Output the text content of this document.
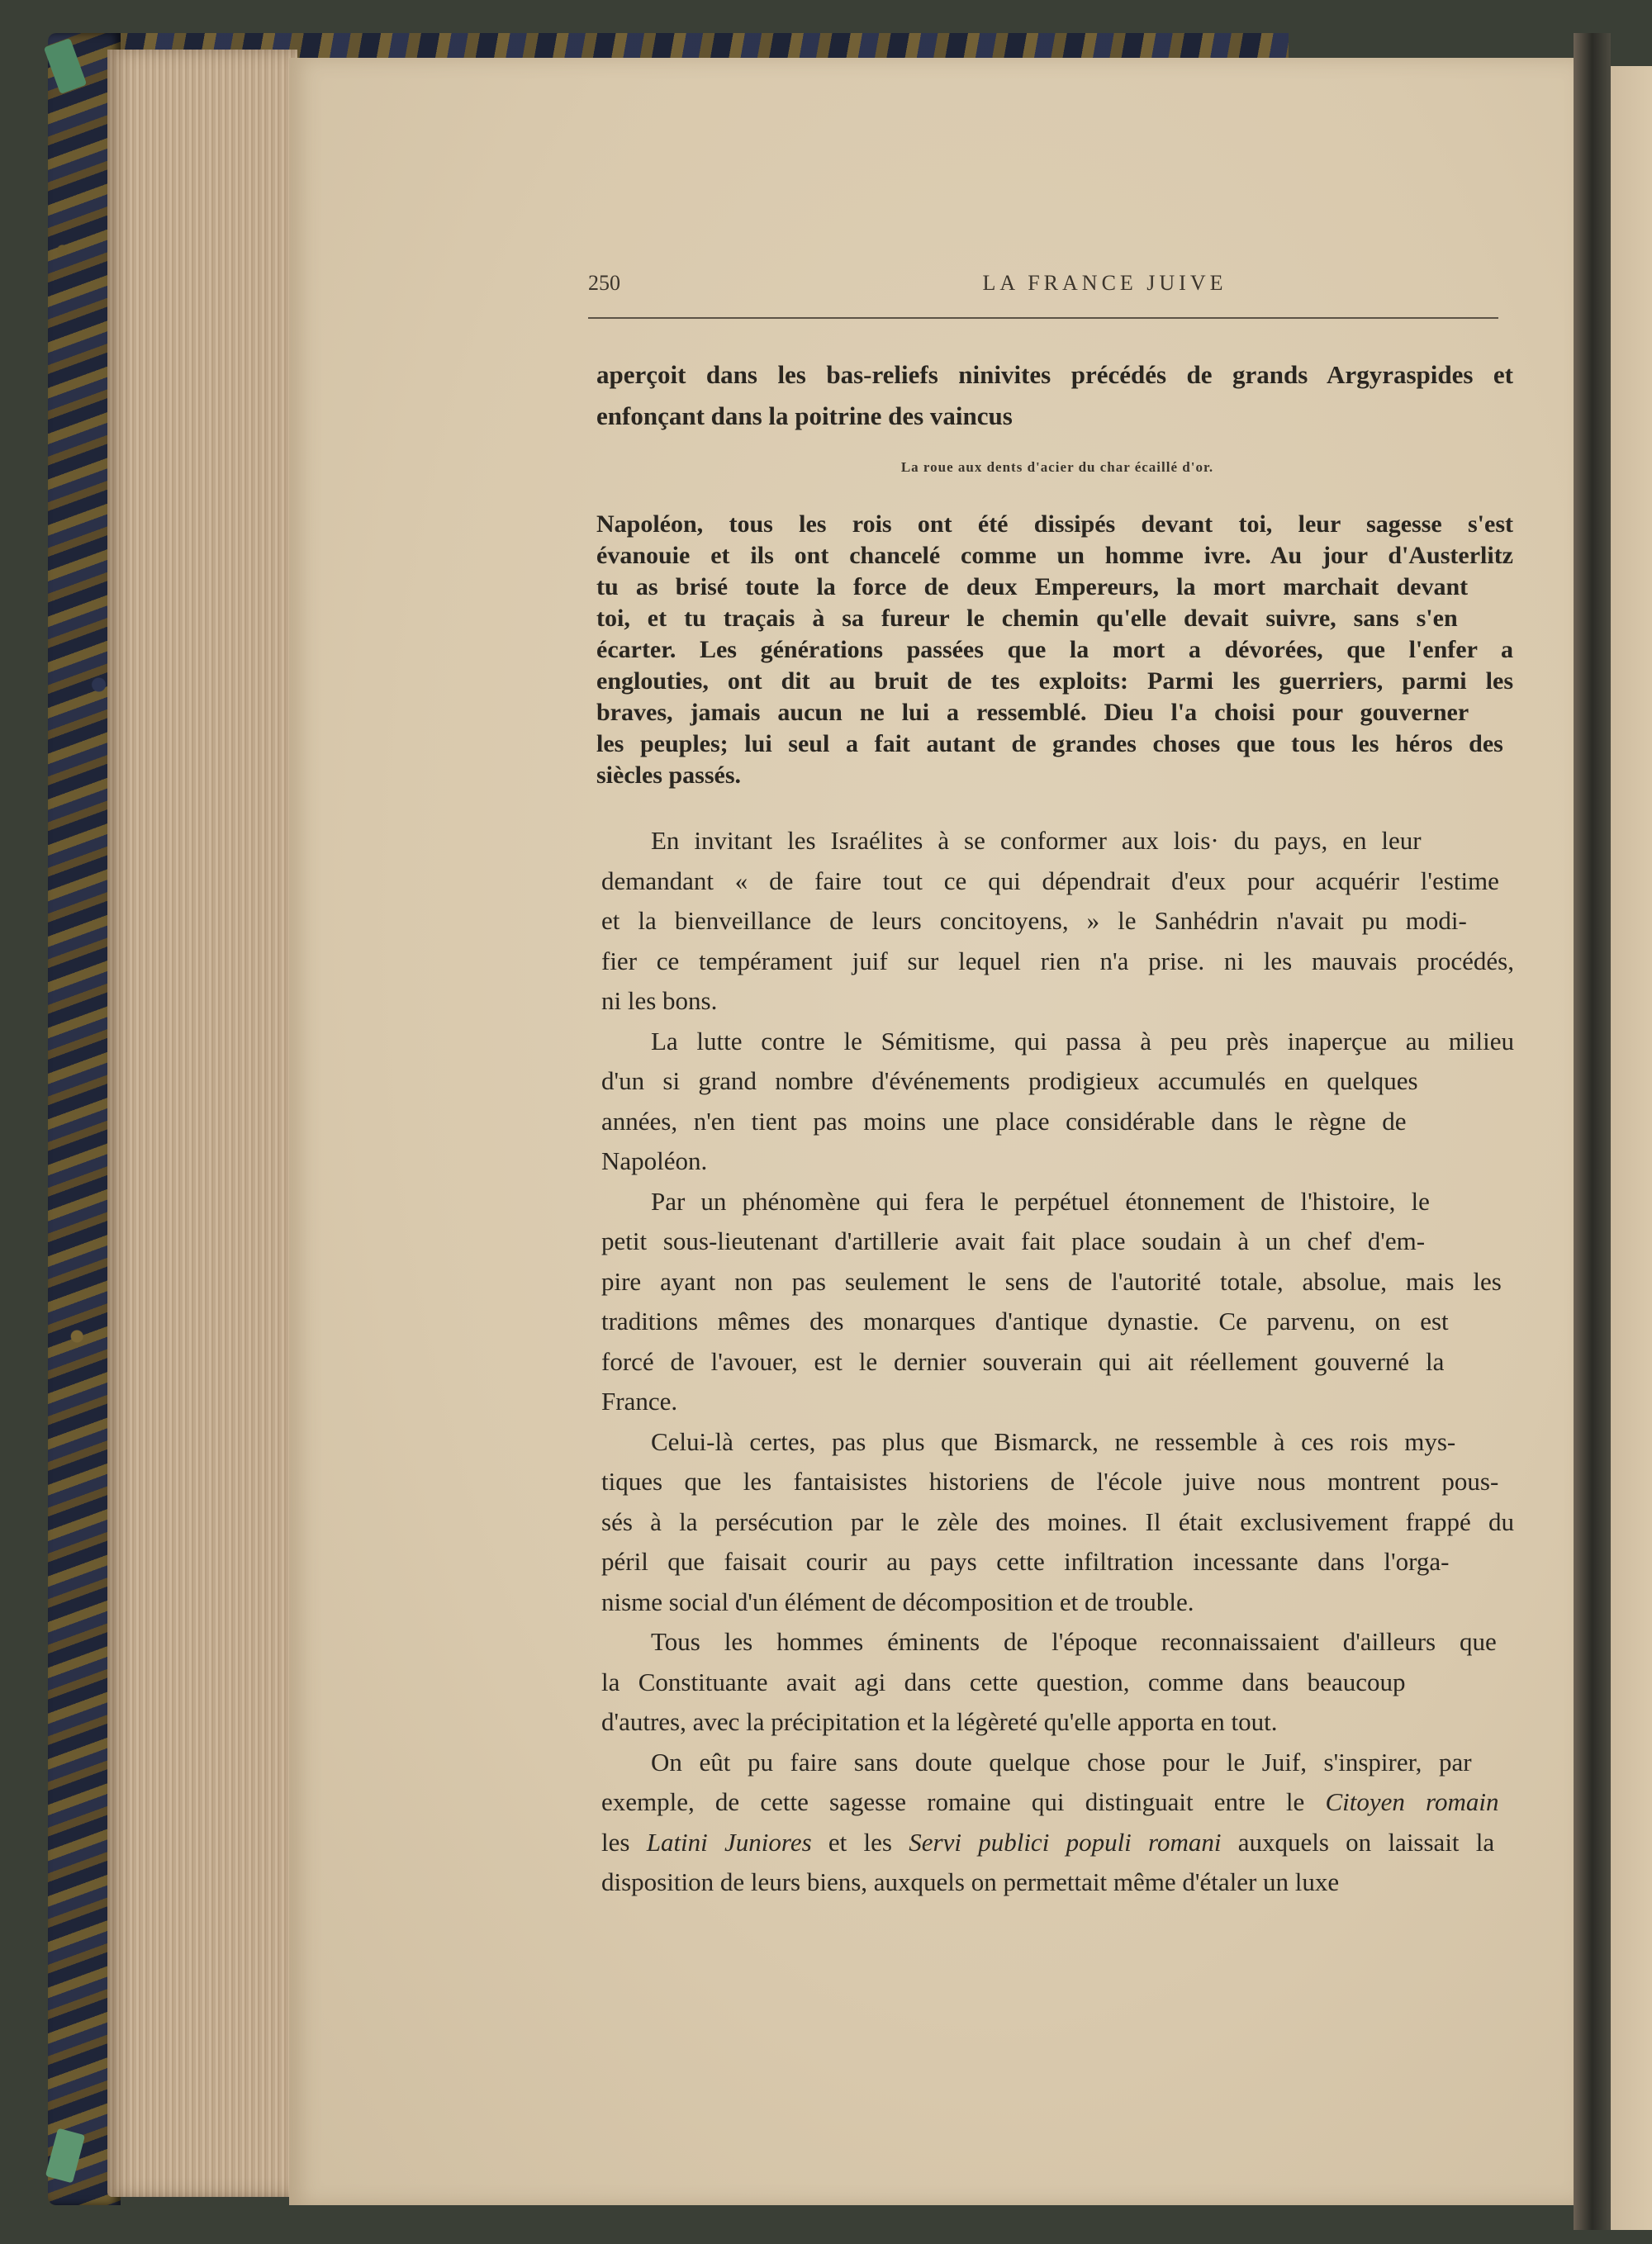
250	LA FRANCE JUIVE
aperçoit dans les bas-reliefs ninivites précédés de grands Argyraspides et
enfonçant dans la poitrine des vaincus
La roue aux dents d'acier du char écaillé d'or.
Napoléon, tous les rois ont été dissipés devant toi, leur sagesse s'est
évanouie et ils ont chancelé comme un homme ivre. Au jour d'Austerlitz
tu as brisé toute la force de deux Empereurs, la mort marchait devant
toi, et tu traçais à sa fureur le chemin qu'elle devait suivre, sans s'en
écarter. Les générations passées que la mort a dévorées, que l'enfer a
englouties, ont dit au bruit de tes exploits: Parmi les guerriers, parmi les
braves, jamais aucun ne lui a ressemblé. Dieu l'a choisi pour gouverner
les peuples; lui seul a fait autant de grandes choses que tous les héros des
siècles passés.
En invitant les Israélites à se conformer aux lois· du pays, en leur
demandant « de faire tout ce qui dépendrait d'eux pour acquérir l'estime
et la bienveillance de leurs concitoyens, » le Sanhédrin n'avait pu modi-
fier ce tempérament juif sur lequel rien n'a prise. ni les mauvais procédés,
ni les bons.
La lutte contre le Sémitisme, qui passa à peu près inaperçue au milieu
d'un si grand nombre d'événements prodigieux accumulés en quelques
années, n'en tient pas moins une place considérable dans le règne de
Napoléon.
Par un phénomène qui fera le perpétuel étonnement de l'histoire, le
petit sous-lieutenant d'artillerie avait fait place soudain à un chef d'em-
pire ayant non pas seulement le sens de l'autorité totale, absolue, mais les
traditions mêmes des monarques d'antique dynastie. Ce parvenu, on est
forcé de l'avouer, est le dernier souverain qui ait réellement gouverné la
France.
Celui-là certes, pas plus que Bismarck, ne ressemble à ces rois mys-
tiques que les fantaisistes historiens de l'école juive nous montrent pous-
sés à la persécution par le zèle des moines. Il était exclusivement frappé du
péril que faisait courir au pays cette infiltration incessante dans l'orga-
nisme social d'un élément de décomposition et de trouble.
Tous les hommes éminents de l'époque reconnaissaient d'ailleurs que
la Constituante avait agi dans cette question, comme dans beaucoup
d'autres, avec la précipitation et la légèreté qu'elle apporta en tout.
On eût pu faire sans doute quelque chose pour le Juif, s'inspirer, par
exemple, de cette sagesse romaine qui distinguait entre le Citoyen romain
les Latini Juniores et les Servi publici populi romani auxquels on laissait la
disposition de leurs biens, auxquels on permettait même d'étaler un luxe
